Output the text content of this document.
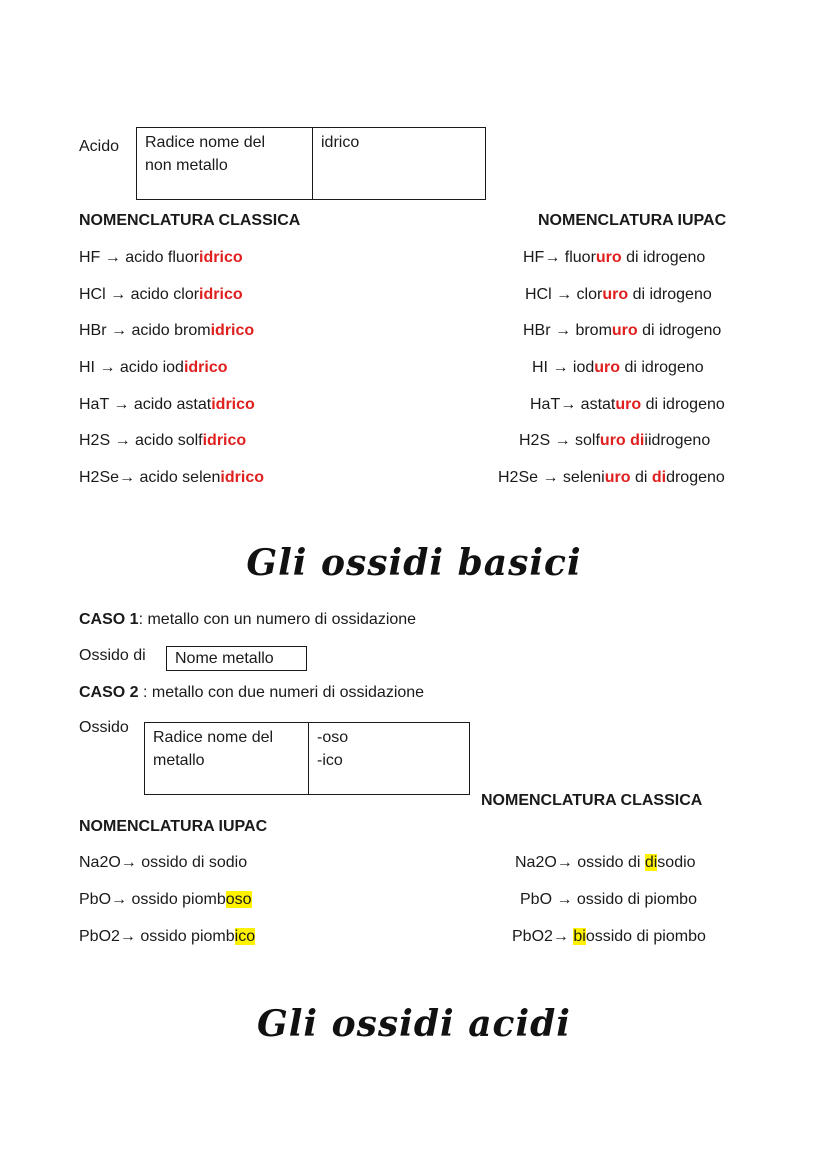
Acido Radice nome del
non metallo
idrico
NOMENCLATURA CLASSICA	NOMENCLATURA IUPAC
HF → acido fluoridrico
HCl → acido cloridrico
HBr → acido bromidrico
HI → acido iodidrico
HaT → acido astatidrico
H2S → acido solfidrico
H2Se→ acido selenidrico
HF→ fluoruro di idrogeno
HCl → cloruro di idrogeno
HBr → bromuro di idrogeno
HI → ioduro di idrogeno
HaT→ astaturo di idrogeno
H2S → solfuro diiidrogeno
H2Se → seleniuro di didrogeno
Gli ossidi basici
CASO 1: metallo con un numero di ossidazione
Ossido di Nome metallo
CASO 2 : metallo con due numeri di ossidazione
Ossido
Radice nome del
metallo
-oso
-ico
NOMENCLATURA CLASSICA
NOMENCLATURA IUPAC
Na2O→ ossido di sodio
PbO→ ossido piomboso
PbO2→ ossido piombico
Na2O→ ossido di disodio
PbO → ossido di piombo
PbO2→ biossido di piombo
Gli ossidi acidi
